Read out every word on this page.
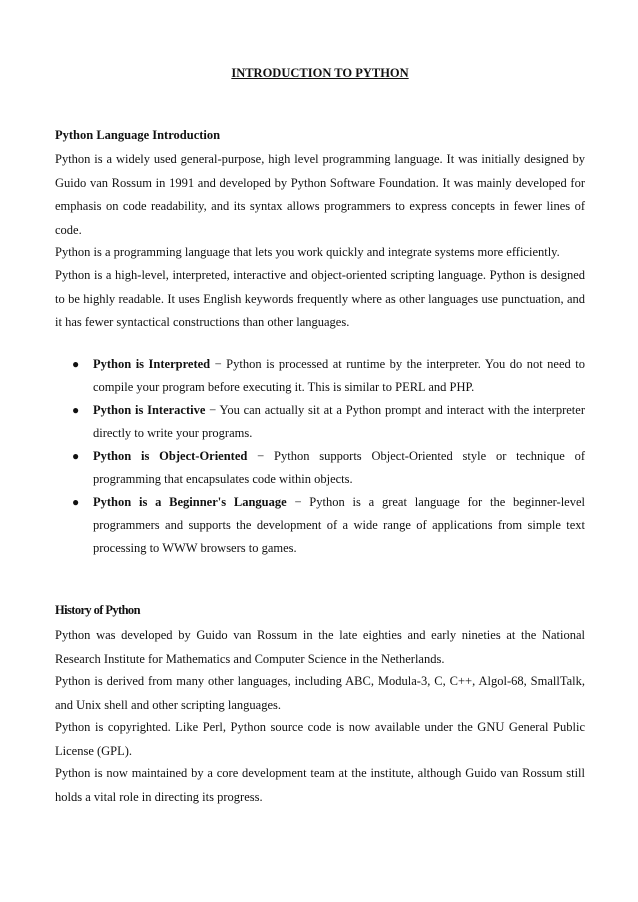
INTRODUCTION TO PYTHON
Python Language Introduction

Python is a widely used general-purpose, high level programming language. It was initially designed by Guido van Rossum in 1991 and developed by Python Software Foundation. It was mainly developed for emphasis on code readability, and its syntax allows programmers to express concepts in fewer lines of code.

Python is a programming language that lets you work quickly and integrate systems more efficiently.

Python is a high-level, interpreted, interactive and object-oriented scripting language. Python is designed to be highly readable. It uses English keywords frequently where as other languages use punctuation, and it has fewer syntactical constructions than other languages.

● Python is Interpreted − Python is processed at runtime by the interpreter. You do not need to compile your program before executing it. This is similar to PERL and PHP.
● Python is Interactive − You can actually sit at a Python prompt and interact with the interpreter directly to write your programs.
● Python is Object-Oriented − Python supports Object-Oriented style or technique of programming that encapsulates code within objects.
● Python is a Beginner's Language − Python is a great language for the beginner-level programmers and supports the development of a wide range of applications from simple text processing to WWW browsers to games.
History of Python

Python was developed by Guido van Rossum in the late eighties and early nineties at the National Research Institute for Mathematics and Computer Science in the Netherlands.

Python is derived from many other languages, including ABC, Modula-3, C, C++, Algol-68, SmallTalk, and Unix shell and other scripting languages.

Python is copyrighted. Like Perl, Python source code is now available under the GNU General Public License (GPL).

Python is now maintained by a core development team at the institute, although Guido van Rossum still holds a vital role in directing its progress.
